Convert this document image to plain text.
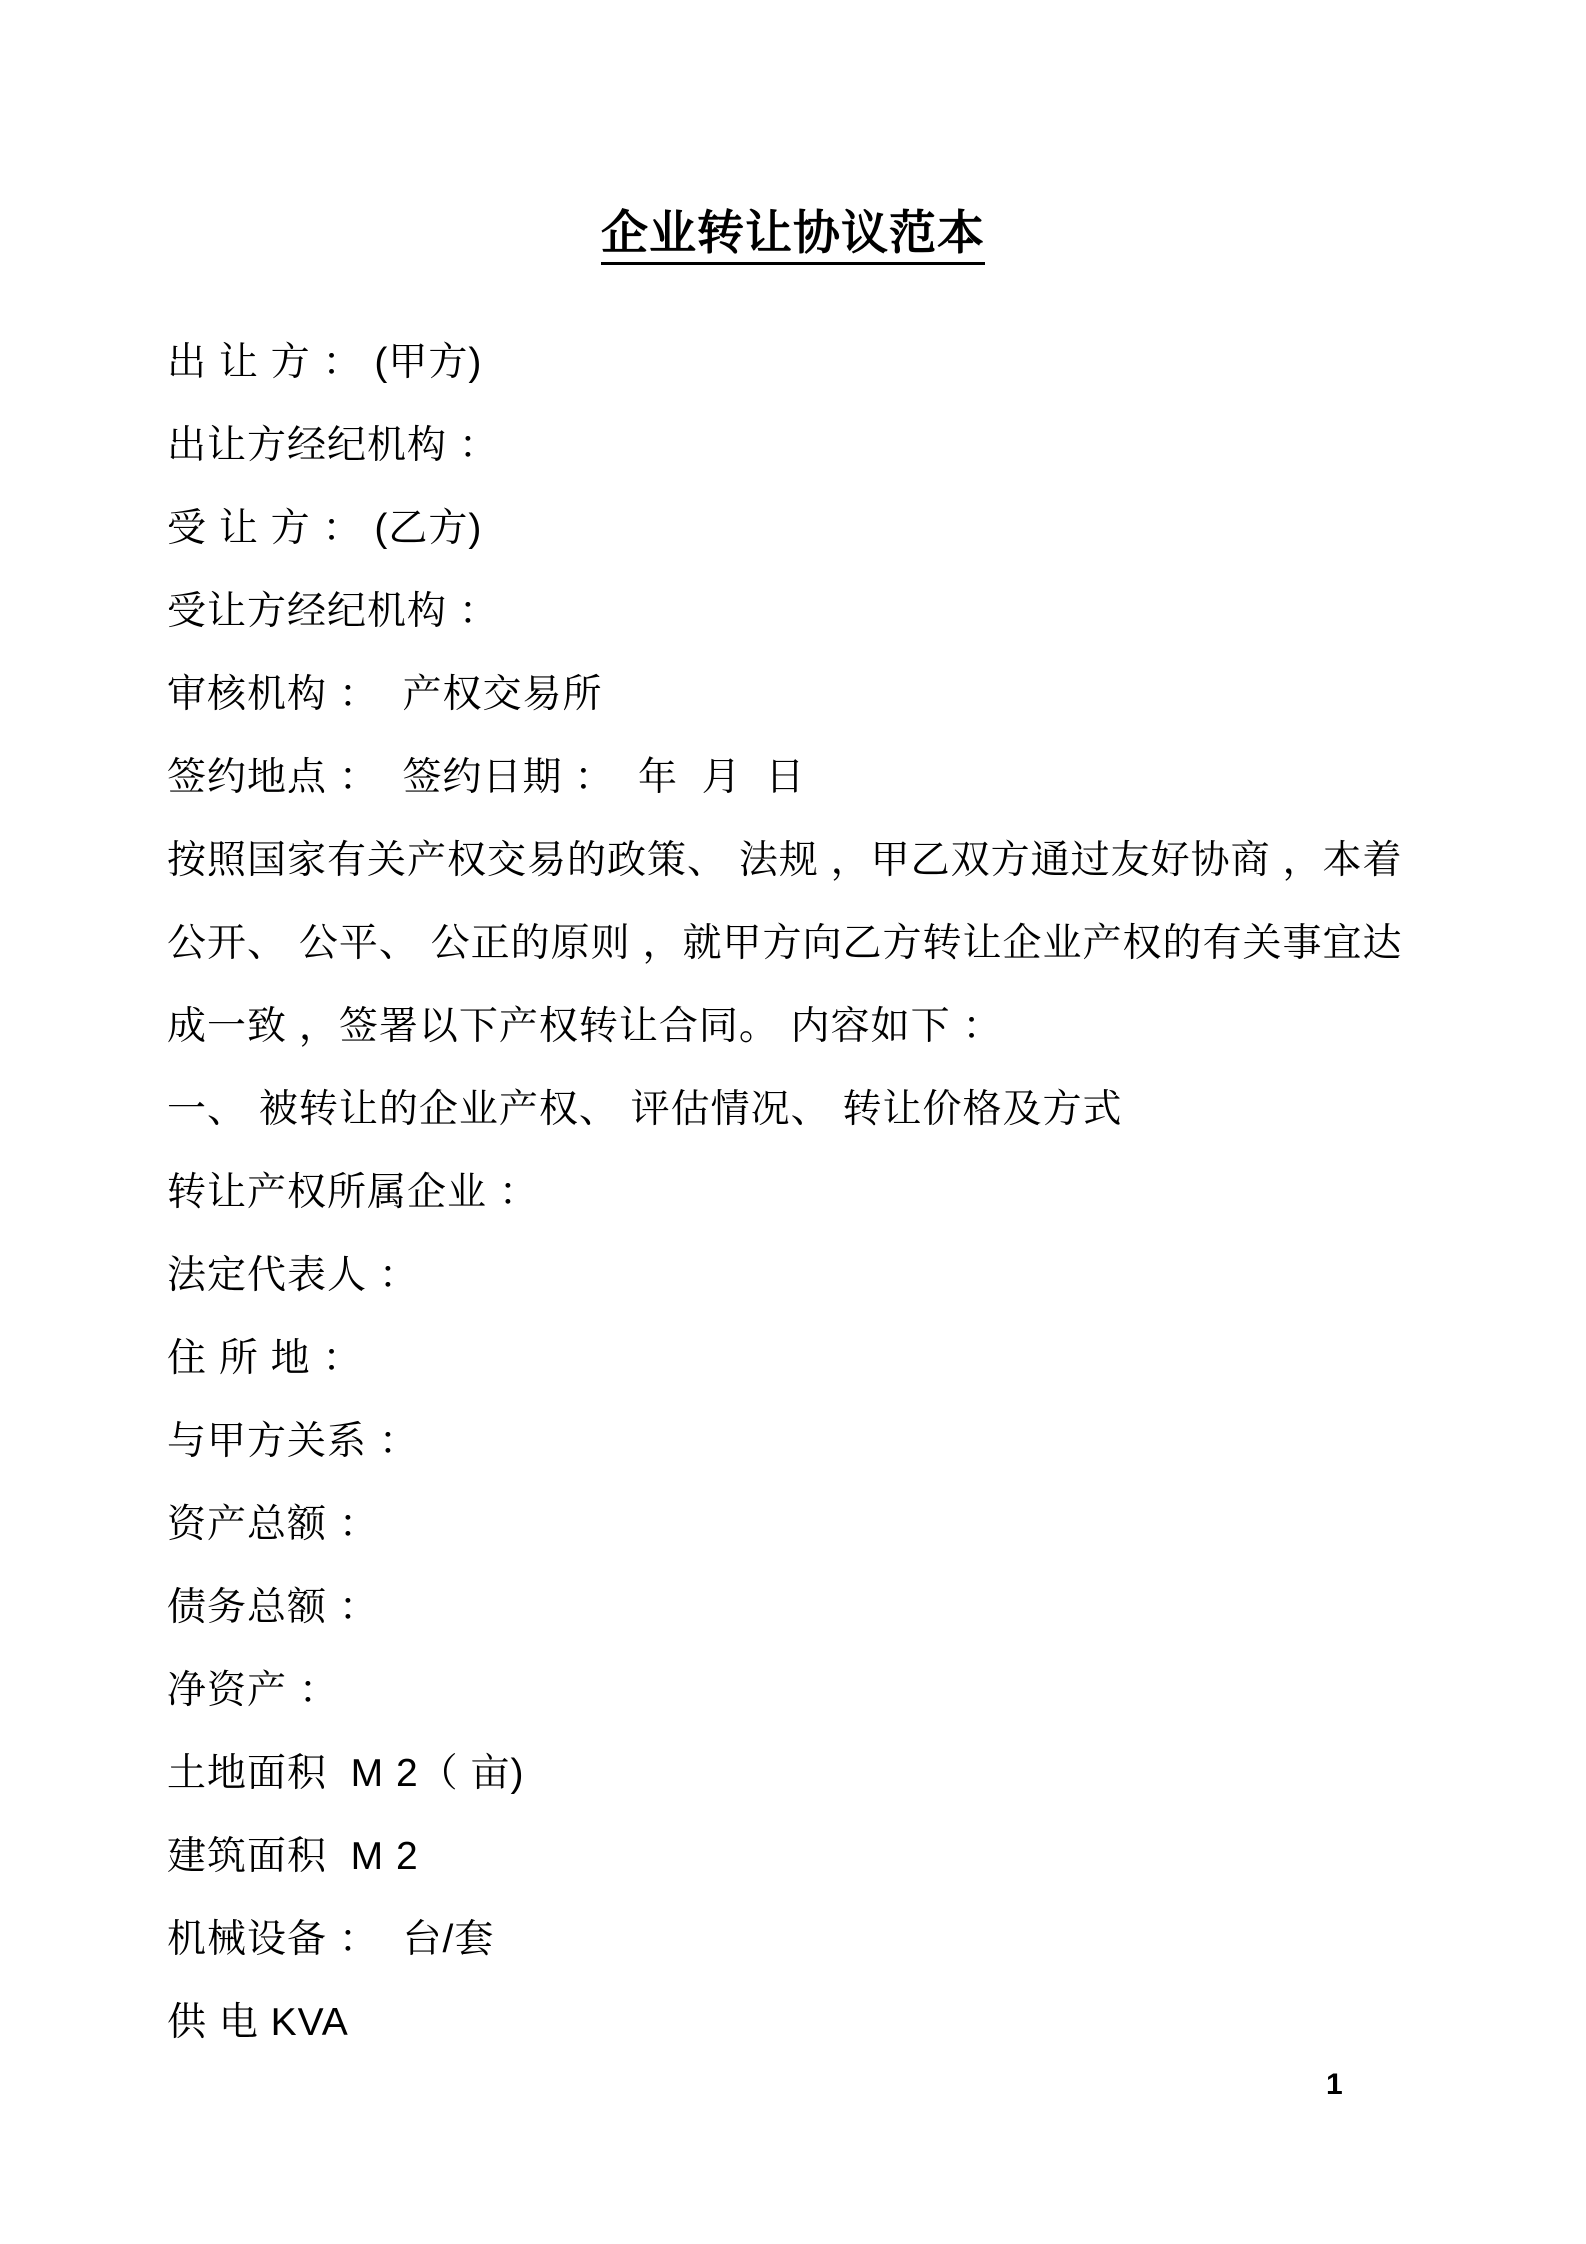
企业转让协议范本

出 让 方 ： (甲方)

出让方经纪机构 ：

受 让 方 ： (乙方)

受让方经纪机构 ：

审核机构 ：  产权交易所

签约地点 ：  签约日期 ：  年  月  日

按照国家有关产权交易的政策、 法规 ，甲乙双方通过友好协商 ，本着

公开、 公平、 公正的原则 ，就甲方向乙方转让企业产权的有关事宜达

成一致 ，签署以下产权转让合同。 内容如下 ：

一、 被转让的企业产权、 评估情况、 转让价格及方式

转让产权所属企业 ：

法定代表人 ：

住 所 地 ：

与甲方关系 ：

资产总额 ：

债务总额 ：

净资产 ：

土地面积  M 2（ 亩)

建筑面积  M 2

机械设备 ：  台/套

供 电 KVA

1
